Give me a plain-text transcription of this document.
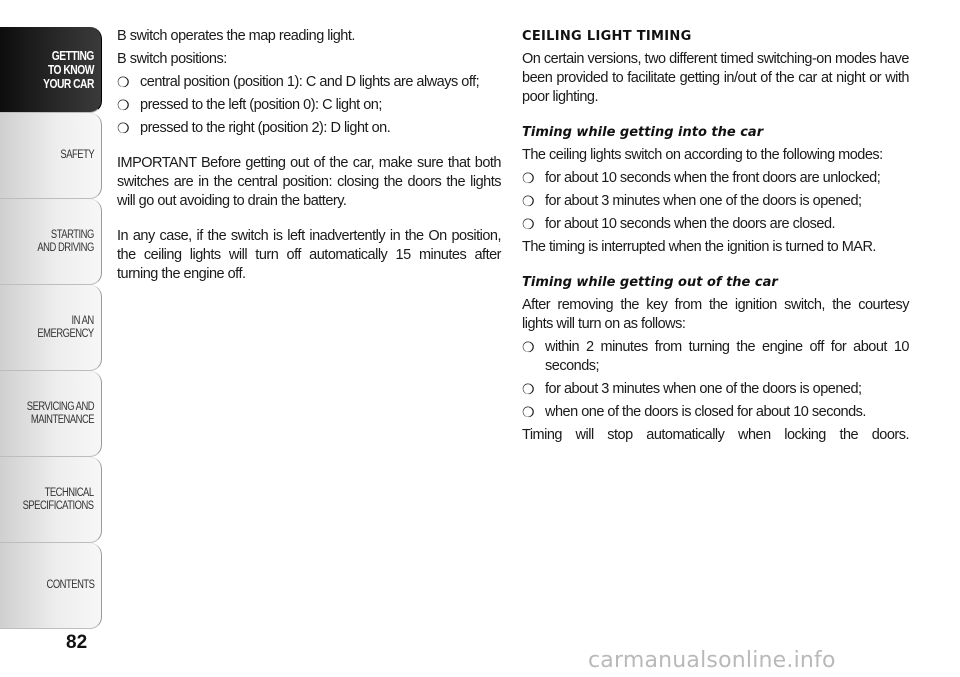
GETTING
TO KNOW
YOUR CAR
SAFETY
STARTING
AND DRIVING
IN AN
EMERGENCY
SERVICING AND
MAINTENANCE
TECHNICAL
SPECIFICATIONS
CONTENTS
82

B switch operates the map reading light.

B switch positions:

❍ central position (position 1): C and D lights are always off;
❍ pressed to the left (position 0): C light on;
❍ pressed to the right (position 2): D light on.

IMPORTANT Before getting out of the car, make sure that both switches are in the central position: closing the doors the lights will go out avoiding to drain the battery.

In any case, if the switch is left inadvertently in the On position, the ceiling lights will turn off automatically 15 minutes after turning the engine off.

CEILING LIGHT TIMING

On certain versions, two different timed switching-on modes have been provided to facilitate getting in/out of the car at night or with poor lighting.

Timing while getting into the car

The ceiling lights switch on according to the following modes:

❍ for about 10 seconds when the front doors are unlocked;
❍ for about 3 minutes when one of the doors is opened;
❍ for about 10 seconds when the doors are closed.

The timing is interrupted when the ignition is turned to MAR.

Timing while getting out of the car

After removing the key from the ignition switch, the courtesy lights will turn on as follows:

❍ within 2 minutes from turning the engine off for about 10 seconds;
❍ for about 3 minutes when one of the doors is opened;
❍ when one of the doors is closed for about 10 seconds.

Timing will stop automatically when locking the doors.

carmanualsonline.info
